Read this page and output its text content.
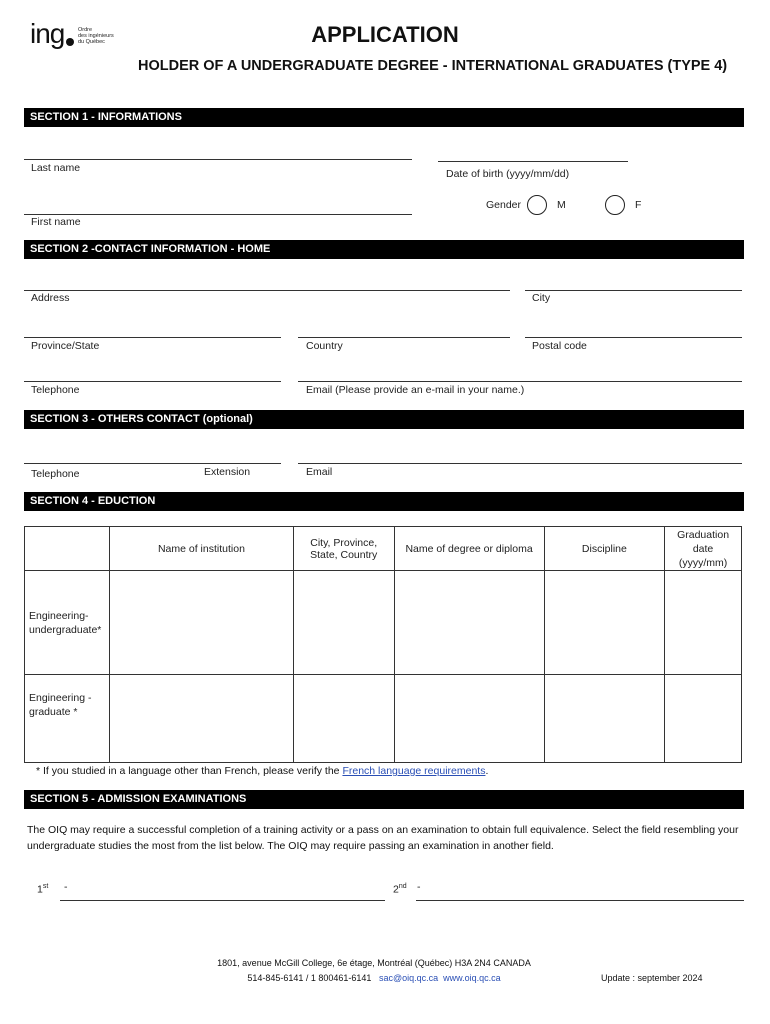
ing Ordre
des ingénieurs
du Québec	APPLICATION
HOLDER OF A UNDERGRADUATE DEGREE - INTERNATIONAL GRADUATES (TYPE 4)
SECTION 1 - INFORMATIONS
Last name	Date of birth (yyyy/mm/dd)
Gender	M	F
First name
SECTION 2 -CONTACT INFORMATION - HOME
Address	City
Province/State	Country	Postal code
Telephone	Email (Please provide an e-mail in your name.)
SECTION 3 - OTHERS CONTACT (optional)
Telephone	Extension	Email
SECTION 4 - EDUCTION
	Name of institution	City, Province, State, Country	Name of degree or diploma	Discipline	Graduation date (yyyy/mm)
Engineering-undergraduate*					
Engineering - graduate *					
* If you studied in a language other than French, please verify the French language requirements.
SECTION 5 - ADMISSION EXAMINATIONS
The OIQ may require a successful completion of a training activity or a pass on an examination to obtain full equivalence. Select the field resembling your undergraduate studies the most from the list below. The OIQ may require passing an examination in another field.
1st -	2nd -
1801, avenue McGill College, 6e étage, Montréal (Québec) H3A 2N4 CANADA
514-845-6141 / 1 800461-6141 sac@oiq.qc.ca www.oiq.qc.ca	Update : september 2024
